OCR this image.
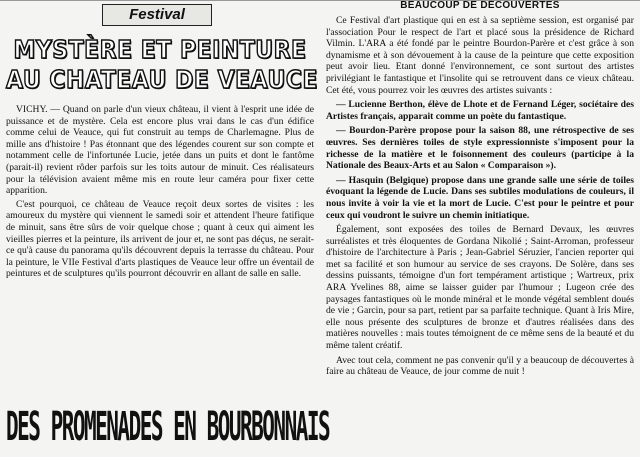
Festival
MYSTÈRE ET PEINTURE
AU CHATEAU DE VEAUCE

VICHY. — Quand on parle d'un vieux château, il vient à l'esprit une idée de puissance et de mystère. Cela est encore plus vrai dans le cas d'un édifice comme celui de Veauce, qui fut construit au temps de Charlemagne. Plus de mille ans d'histoire ! Pas étonnant que des légendes courent sur son compte et notamment celle de l'infortunée Lucie, jetée dans un puits et dont le fantôme (parait-il) revient rôder parfois sur les toits autour de minuit. Ces réalisateurs pour la télévision avaient même mis en route leur caméra pour fixer cette apparition.

C'est pourquoi, ce château de Veauce reçoit deux sortes de visites : les amoureux du mystère qui viennent le samedi soir et attendent l'heure fatifique de minuit, sans être sûrs de voir quelque chose ; quant à ceux qui aiment les vieilles pierres et la peinture, ils arrivent de jour et, ne sont pas déçus, ne serait-ce qu'à cause du panorama qu'ils découvrent depuis la terrasse du château. Pour la peinture, le VIIe Festival d'arts plastiques de Veauce leur offre un éventail de peintures et de sculptures qu'ils pourront découvrir en allant de salle en salle.

BEAUCOUP DE DÉCOUVERTES

Ce Festival d'art plastique qui en est à sa septième session, est organisé par l'association Pour le respect de l'art et placé sous la présidence de Richard Vilmin. L'ARA a été fondé par le peintre Bourdon-Parère et c'est grâce à son dynamisme et à son dévouement à la cause de la peinture que cette exposition peut avoir lieu. Etant donné l'environnement, ce sont surtout des artistes privilégiant le fantastique et l'insolite qui se retrouvent dans ce vieux château. Cet été, vous pourrez voir les œuvres des artistes suivants :

— Lucienne Berthon, élève de Lhote et de Fernand Léger, sociétaire des Artistes français, apparait comme un poète du fantastique.

— Bourdon-Parère propose pour la saison 88, une rétrospective de ses œuvres. Ses dernières toiles de style expressionniste s'imposent pour la richesse de la matière et le foisonnement des couleurs (participe à la Nationale des Beaux-Arts et au Salon « Comparaison »).

— Hasquin (Belgique) propose dans une grande salle une série de toiles évoquant la légende de Lucie. Dans ses subtiles modulations de couleurs, il nous invite à voir la vie et la mort de Lucie. C'est pour le peintre et pour ceux qui voudront le suivre un chemin initiatique.

Également, sont exposées des toiles de Bernard Devaux, les œuvres surréalistes et très éloquentes de Gordana Nikolié ; Saint-Arroman, professeur d'histoire de l'architecture à Paris ; Jean-Gabriel Séruzier, l'ancien reporter qui met sa facilité et son humour au service de ses crayons. De Solère, dans ses dessins puissants, témoigne d'un fort tempérament artistique ; Wartreux, prix ARA Yvelines 88, aime se laisser guider par l'humour ; Lugeon crée des paysages fantastiques où le monde minéral et le monde végétal semblent doués de vie ; Garcin, pour sa part, retient par sa parfaite technique. Quant à Iris Mire, elle nous présente des sculptures de bronze et d'autres réalisées dans des matières nouvelles : mais toutes témoignent de ce même sens de la beauté et du même talent créatif.

Avec tout cela, comment ne pas convenir qu'il y a beaucoup de découvertes à faire au château de Veauce, de jour comme de nuit !

DES PROMENADES EN BOURBONNAIS
